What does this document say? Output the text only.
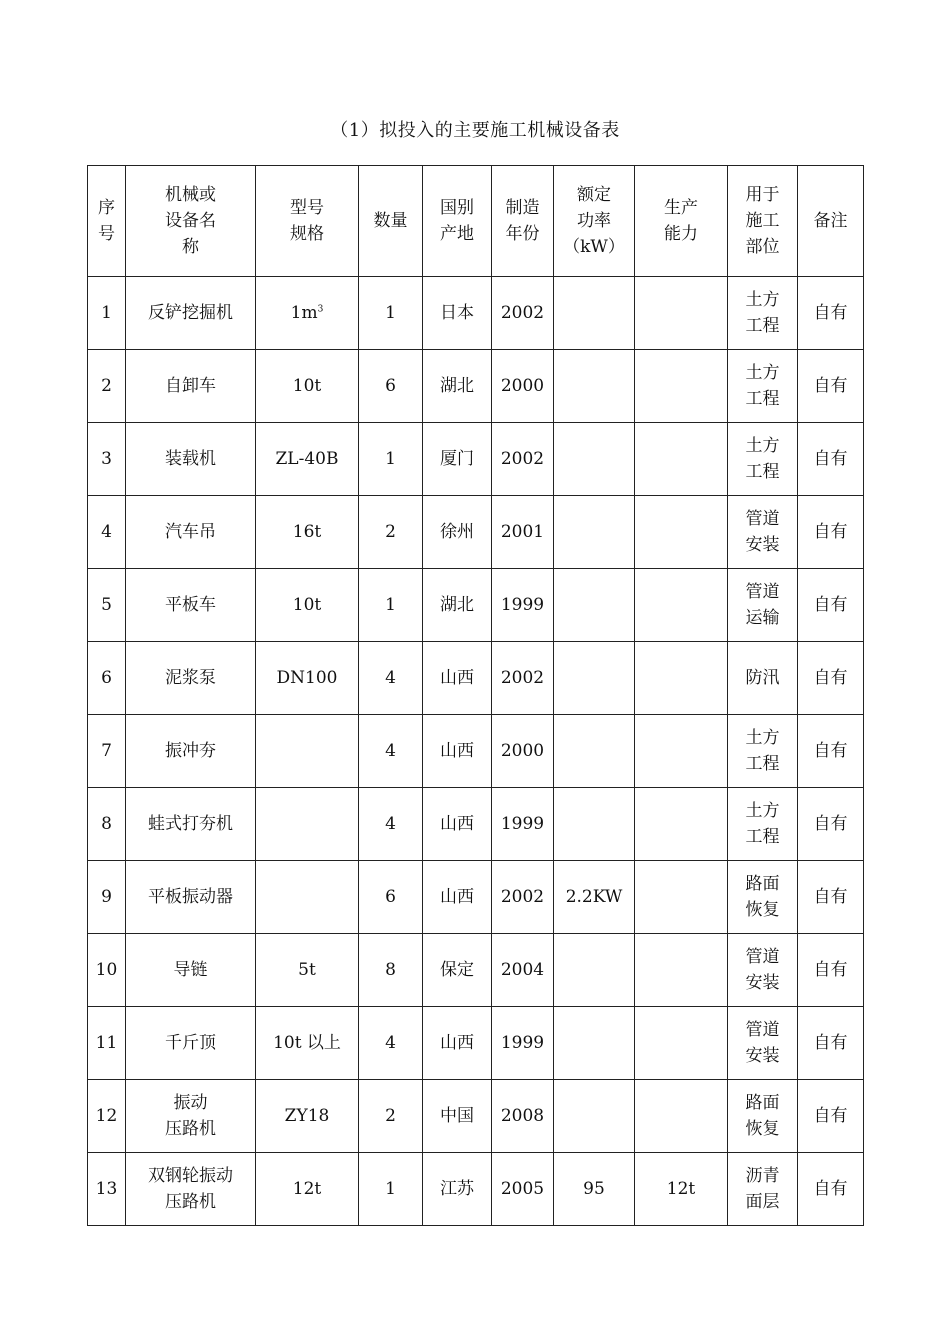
（1）拟投入的主要施工机械设备表
序
号	机械或
设备名
称	型号
规格	数量	国别
产地	制造
年份	额定
功率
（kW）	生产
能力	用于
施工
部位	备注

1	反铲挖掘机	$1m^3$	1	日本	2002			土方
工程	自有
2	自卸车	10t	6	湖北	2000			土方
工程	自有
3	装载机	ZL-40B	1	厦门	2002			土方
工程	自有
4	汽车吊	16t	2	徐州	2001			管道
安装	自有
5	平板车	10t	1	湖北	1999			管道
运输	自有
6	泥浆泵	DN100	4	山西	2002			防汛	自有
7	振冲夯		4	山西	2000			土方
工程	自有
8	蛙式打夯机		4	山西	1999			土方
工程	自有
9	平板振动器		6	山西	2002	2.2KW		路面
恢复	自有
10	导链	5t	8	保定	2004			管道
安装	自有
11	千斤顶	10t 以上	4	山西	1999			管道
安装	自有
12	振动
压路机	ZY18	2	中国	2008			路面
恢复	自有
13	双钢轮振动
压路机	12t	1	江苏	2005	95	12t	沥青
面层	自有
